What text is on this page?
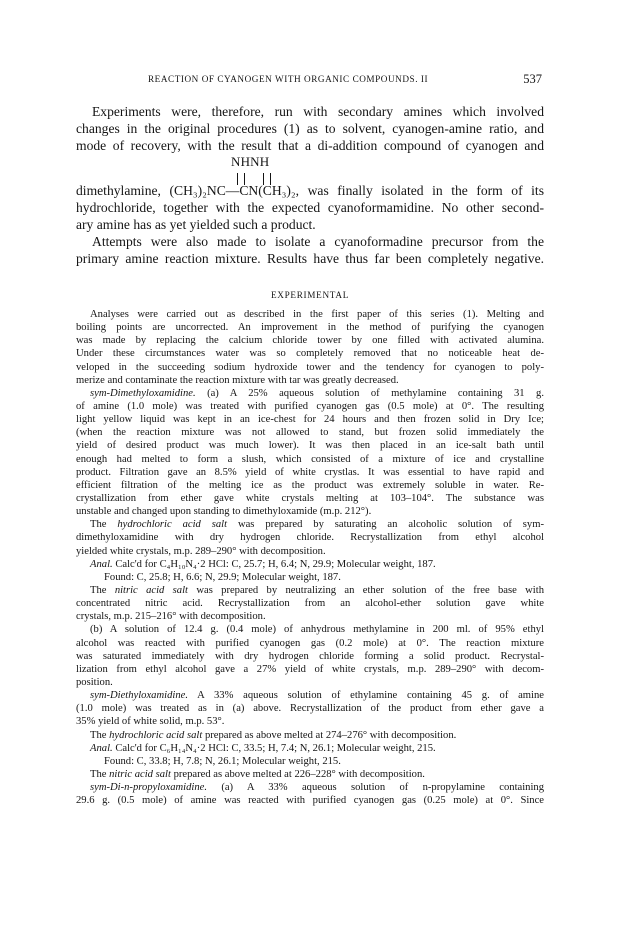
REACTION OF CYANOGEN WITH ORGANIC COMPOUNDS. II	537
Experiments were, therefore, run with secondary amines which involved
changes in the original procedures (1) as to solvent, cyanogen-amine ratio, and
mode of recovery, with the result that a di-addition compound of cyanogen and
NHNH
dimethylamine, (CH₃)₂NC—CN(CH₃)₂, was finally isolated in the form of its
hydrochloride, together with the expected cyanoformamidine. No other second-
ary amine has as yet yielded such a product.
Attempts were also made to isolate a cyanoformadine precursor from the
primary amine reaction mixture. Results have thus far been completely negative.
EXPERIMENTAL
Analyses were carried out as described in the first paper of this series (1). Melting and
boiling points are uncorrected. An improvement in the method of purifying the cyanogen
was made by replacing the calcium chloride tower by one filled with activated alumina.
Under these circumstances water was so completely removed that no noticeable heat de-
veloped in the succeeding sodium hydroxide tower and the tendency for cyanogen to poly-
merize and contaminate the reaction mixture with tar was greatly decreased.
sym-Dimethyloxamidine. (a) A 25% aqueous solution of methylamine containing 31 g.
of amine (1.0 mole) was treated with purified cyanogen gas (0.5 mole) at 0°. The resulting
light yellow liquid was kept in an ice-chest for 24 hours and then frozen solid in Dry Ice;
(when the reaction mixture was not allowed to stand, but frozen solid immediately the
yield of desired product was much lower). It was then placed in an ice-salt bath until
enough had melted to form a slush, which consisted of a mixture of ice and crystalline
product. Filtration gave an 8.5% yield of white crystlas. It was essential to have rapid and
efficient filtration of the melting ice as the product was extremely soluble in water. Re-
crystallization from ether gave white crystals melting at 103–104°. The substance was
unstable and changed upon standing to dimethyloxamide (m.p. 212°).
The hydrochloric acid salt was prepared by saturating an alcoholic solution of sym-
dimethyloxamidine with dry hydrogen chloride. Recrystallization from ethyl alcohol
yielded white crystals, m.p. 289–290° with decomposition.
Anal. Calc'd for C₄H₁₀N₄·2 HCl: C, 25.7; H, 6.4; N, 29.9; Molecular weight, 187.
Found: C, 25.8; H, 6.6; N, 29.9; Molecular weight, 187.
The nitric acid salt was prepared by neutralizing an ether solution of the free base with
concentrated nitric acid. Recrystallization from an alcohol-ether solution gave white
crystals, m.p. 215–216° with decomposition.
(b) A solution of 12.4 g. (0.4 mole) of anhydrous methylamine in 200 ml. of 95% ethyl
alcohol was reacted with purified cyanogen gas (0.2 mole) at 0°. The reaction mixture
was saturated immediately with dry hydrogen chloride forming a solid product. Recrystal-
lization from ethyl alcohol gave a 27% yield of white crystals, m.p. 289–290° with decom-
position.
sym-Diethyloxamidine. A 33% aqueous solution of ethylamine containing 45 g. of amine
(1.0 mole) was treated as in (a) above. Recrystallization of the product from ether gave a
35% yield of white solid, m.p. 53°.
The hydrochloric acid salt prepared as above melted at 274–276° with decomposition.
Anal. Calc'd for C₆H₁₄N₄·2 HCl: C, 33.5; H, 7.4; N, 26.1; Molecular weight, 215.
Found: C, 33.8; H, 7.8; N, 26.1; Molecular weight, 215.
The nitric acid salt prepared as above melted at 226–228° with decomposition.
sym-Di-n-propyloxamidine. (a) A 33% aqueous solution of n-propylamine containing
29.6 g. (0.5 mole) of amine was reacted with purified cyanogen gas (0.25 mole) at 0°. Since
